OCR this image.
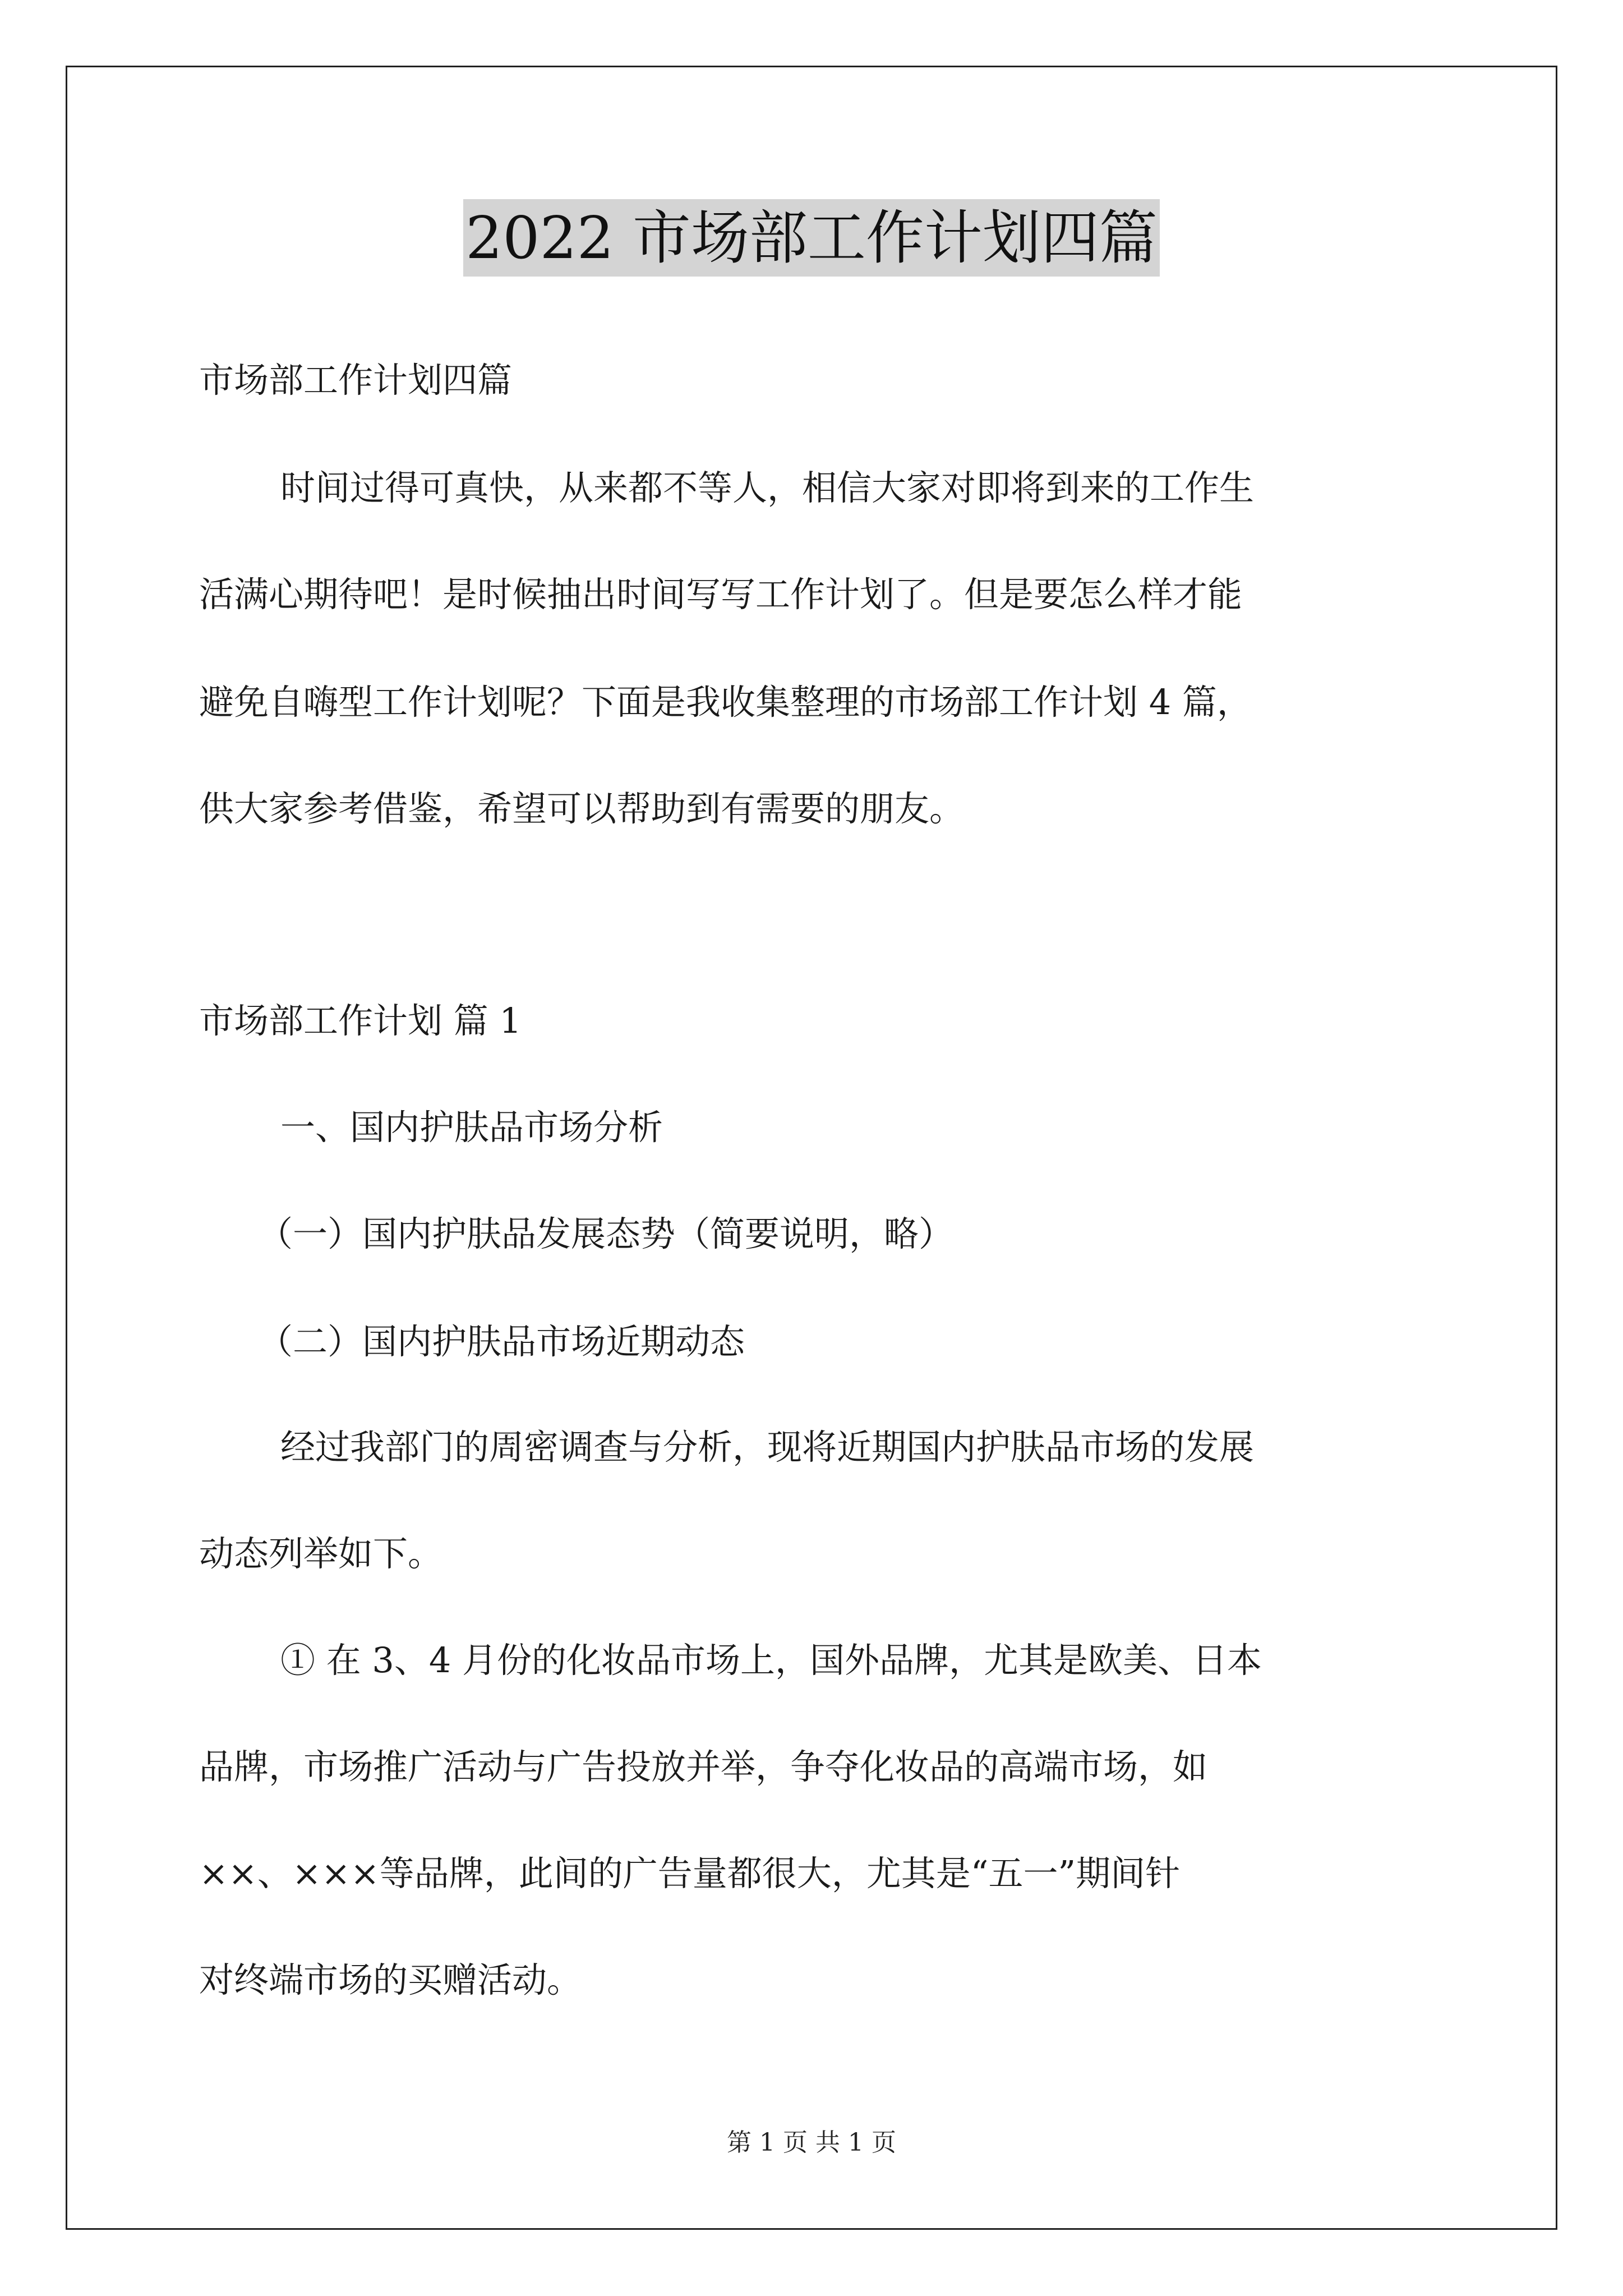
2022 市场部工作计划四篇
市场部工作计划四篇
时间过得可真快，从来都不等人，相信大家对即将到来的工作生
活满心期待吧！是时候抽出时间写写工作计划了。但是要怎么样才能
避免自嗨型工作计划呢？下面是我收集整理的市场部工作计划 4 篇，
供大家参考借鉴，希望可以帮助到有需要的朋友。
市场部工作计划 篇 1
一、国内护肤品市场分析
（一）国内护肤品发展态势（简要说明，略）
（二）国内护肤品市场近期动态
经过我部门的周密调查与分析，现将近期国内护肤品市场的发展
动态列举如下。
① 在 3、4 月份的化妆品市场上，国外品牌，尤其是欧美、日本
品牌，市场推广活动与广告投放并举，争夺化妆品的高端市场，如
××、×××等品牌，此间的广告量都很大，尤其是“五一”期间针
对终端市场的买赠活动。
第 1 页 共 1 页
